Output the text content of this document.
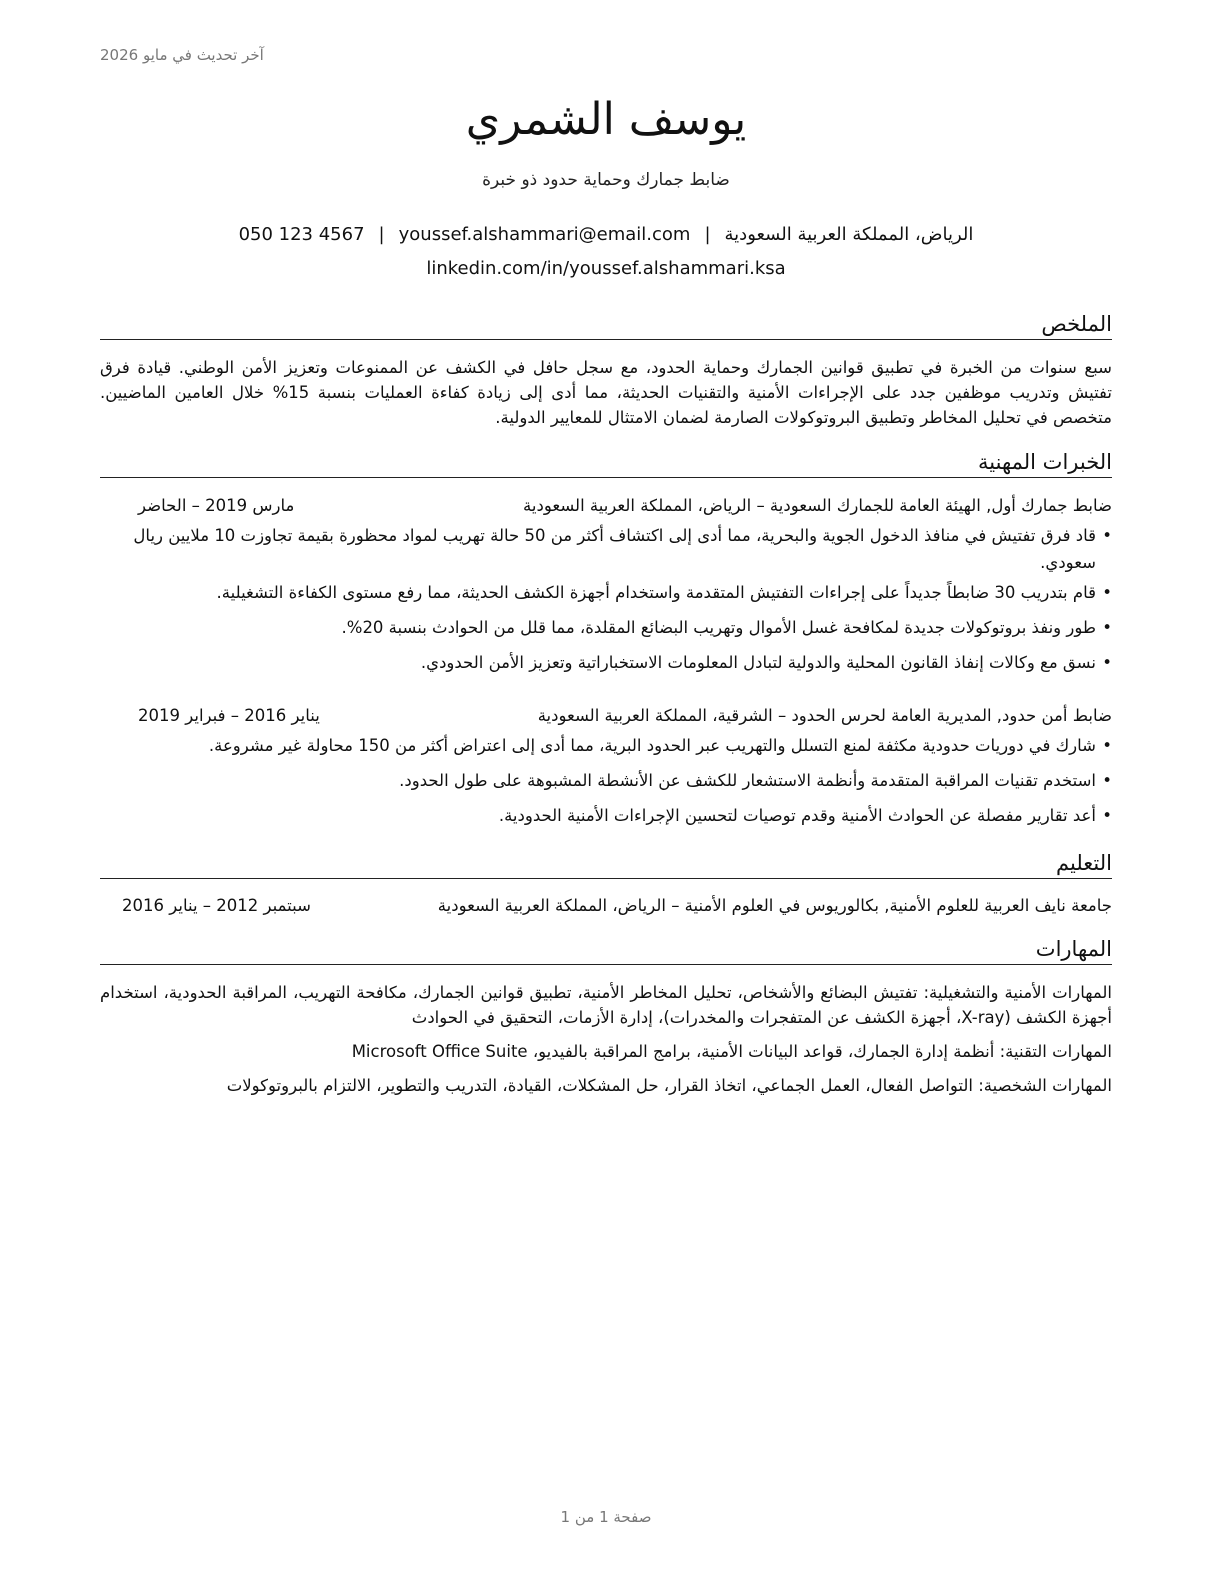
آخر تحديث في مايو 2026
يوسف الشمري
ضابط جمارك وحماية حدود ذو خبرة
الرياض، المملكة العربية السعودية|youssef.alshammari@email.com|050 123 4567
linkedin.com/in/youssef.alshammari.ksa
الملخص
سبع سنوات من الخبرة في تطبيق قوانين الجمارك وحماية الحدود، مع سجل حافل في الكشف عن الممنوعات وتعزيز الأمن الوطني. قيادة فرق تفتيش وتدريب موظفين جدد على الإجراءات الأمنية والتقنيات الحديثة، مما أدى إلى زيادة كفاءة العمليات بنسبة 15% خلال العامين الماضيين. متخصص في تحليل المخاطر وتطبيق البروتوكولات الصارمة لضمان الامتثال للمعايير الدولية.
الخبرات المهنية
ضابط جمارك أول, الهيئة العامة للجمارك السعودية – الرياض، المملكة العربية السعودية
مارس 2019 – الحاضر
• قاد فرق تفتيش في منافذ الدخول الجوية والبحرية، مما أدى إلى اكتشاف أكثر من 50 حالة تهريب لمواد محظورة بقيمة تجاوزت 10 ملايين ريال سعودي.
• قام بتدريب 30 ضابطاً جديداً على إجراءات التفتيش المتقدمة واستخدام أجهزة الكشف الحديثة، مما رفع مستوى الكفاءة التشغيلية.
• طور ونفذ بروتوكولات جديدة لمكافحة غسل الأموال وتهريب البضائع المقلدة، مما قلل من الحوادث بنسبة 20%.
• نسق مع وكالات إنفاذ القانون المحلية والدولية لتبادل المعلومات الاستخباراتية وتعزيز الأمن الحدودي.
ضابط أمن حدود, المديرية العامة لحرس الحدود – الشرقية، المملكة العربية السعودية
يناير 2016 – فبراير 2019
• شارك في دوريات حدودية مكثفة لمنع التسلل والتهريب عبر الحدود البرية، مما أدى إلى اعتراض أكثر من 150 محاولة غير مشروعة.
• استخدم تقنيات المراقبة المتقدمة وأنظمة الاستشعار للكشف عن الأنشطة المشبوهة على طول الحدود.
• أعد تقارير مفصلة عن الحوادث الأمنية وقدم توصيات لتحسين الإجراءات الأمنية الحدودية.
التعليم
جامعة نايف العربية للعلوم الأمنية, بكالوريوس في العلوم الأمنية – الرياض، المملكة العربية السعودية
سبتمبر 2012 – يناير 2016
المهارات
المهارات الأمنية والتشغيلية: تفتيش البضائع والأشخاص، تحليل المخاطر الأمنية، تطبيق قوانين الجمارك، مكافحة التهريب، المراقبة الحدودية، استخدام أجهزة الكشف (X-ray، أجهزة الكشف عن المتفجرات والمخدرات)، إدارة الأزمات، التحقيق في الحوادث
المهارات التقنية: أنظمة إدارة الجمارك، قواعد البيانات الأمنية، برامج المراقبة بالفيديو، Microsoft Office Suite
المهارات الشخصية: التواصل الفعال، العمل الجماعي، اتخاذ القرار، حل المشكلات، القيادة، التدريب والتطوير، الالتزام بالبروتوكولات
صفحة 1 من 1
